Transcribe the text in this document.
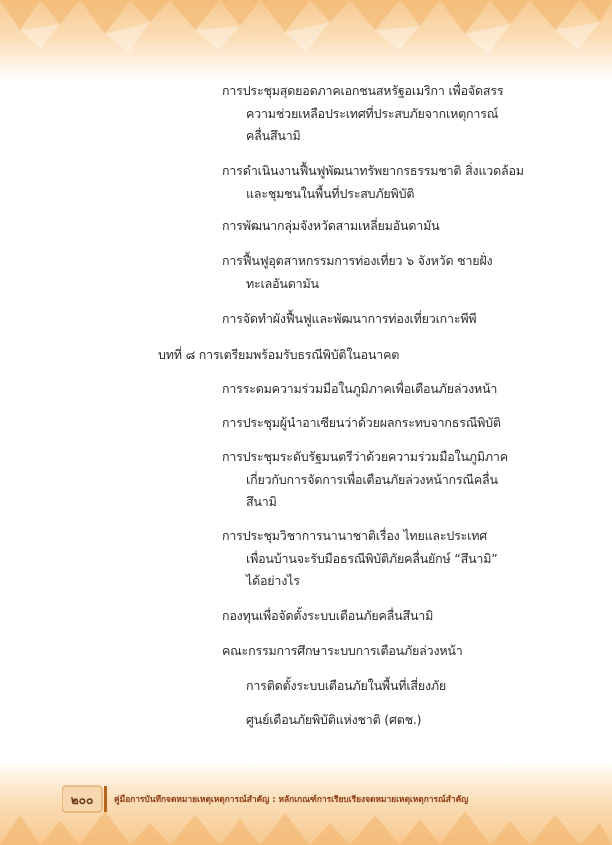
การประชุมสุดยอดภาคเอกชนสหรัฐอเมริกา เพื่อจัดสรร
ความช่วยเหลือประเทศที่ประสบภัยจากเหตุการณ์
คลื่นสึนามิ
การดำเนินงานฟื้นฟูพัฒนาทรัพยากรธรรมชาติ สิ่งแวดล้อม
และชุมชนในพื้นที่ประสบภัยพิบัติ
การพัฒนากลุ่มจังหวัดสามเหลี่ยมอันดามัน
การฟื้นฟูอุตสาหกรรมการท่องเที่ยว ๖ จังหวัด ชายฝั่ง
ทะเลอันดามัน
การจัดทำผังฟื้นฟูและพัฒนาการท่องเที่ยวเกาะพีพี
บทที่ ๘ การเตรียมพร้อมรับธรณีพิบัติในอนาคต
การระดมความร่วมมือในภูมิภาคเพื่อเตือนภัยล่วงหน้า
การประชุมผู้นำอาเซียนว่าด้วยผลกระทบจากธรณีพิบัติ
การประชุมระดับรัฐมนตรีว่าด้วยความร่วมมือในภูมิภาค
เกี่ยวกับการจัดการเพื่อเตือนภัยล่วงหน้ากรณีคลื่น
สึนามิ
การประชุมวิชาการนานาชาติเรื่อง ไทยและประเทศ
เพื่อนบ้านจะรับมือธรณีพิบัติภัยคลื่นยักษ์ “สึนามิ”
ได้อย่างไร
กองทุนเพื่อจัดตั้งระบบเตือนภัยคลื่นสึนามิ
คณะกรรมการศึกษาระบบการเตือนภัยล่วงหน้า
การติดตั้งระบบเตือนภัยในพื้นที่เสี่ยงภัย
ศูนย์เตือนภัยพิบัติแห่งชาติ (ศตช.)
๒๐๐	คู่มือการบันทึกจดหมายเหตุเหตุการณ์สำคัญ : หลักเกณฑ์การเรียบเรียงจดหมายเหตุเหตุการณ์สำคัญ
